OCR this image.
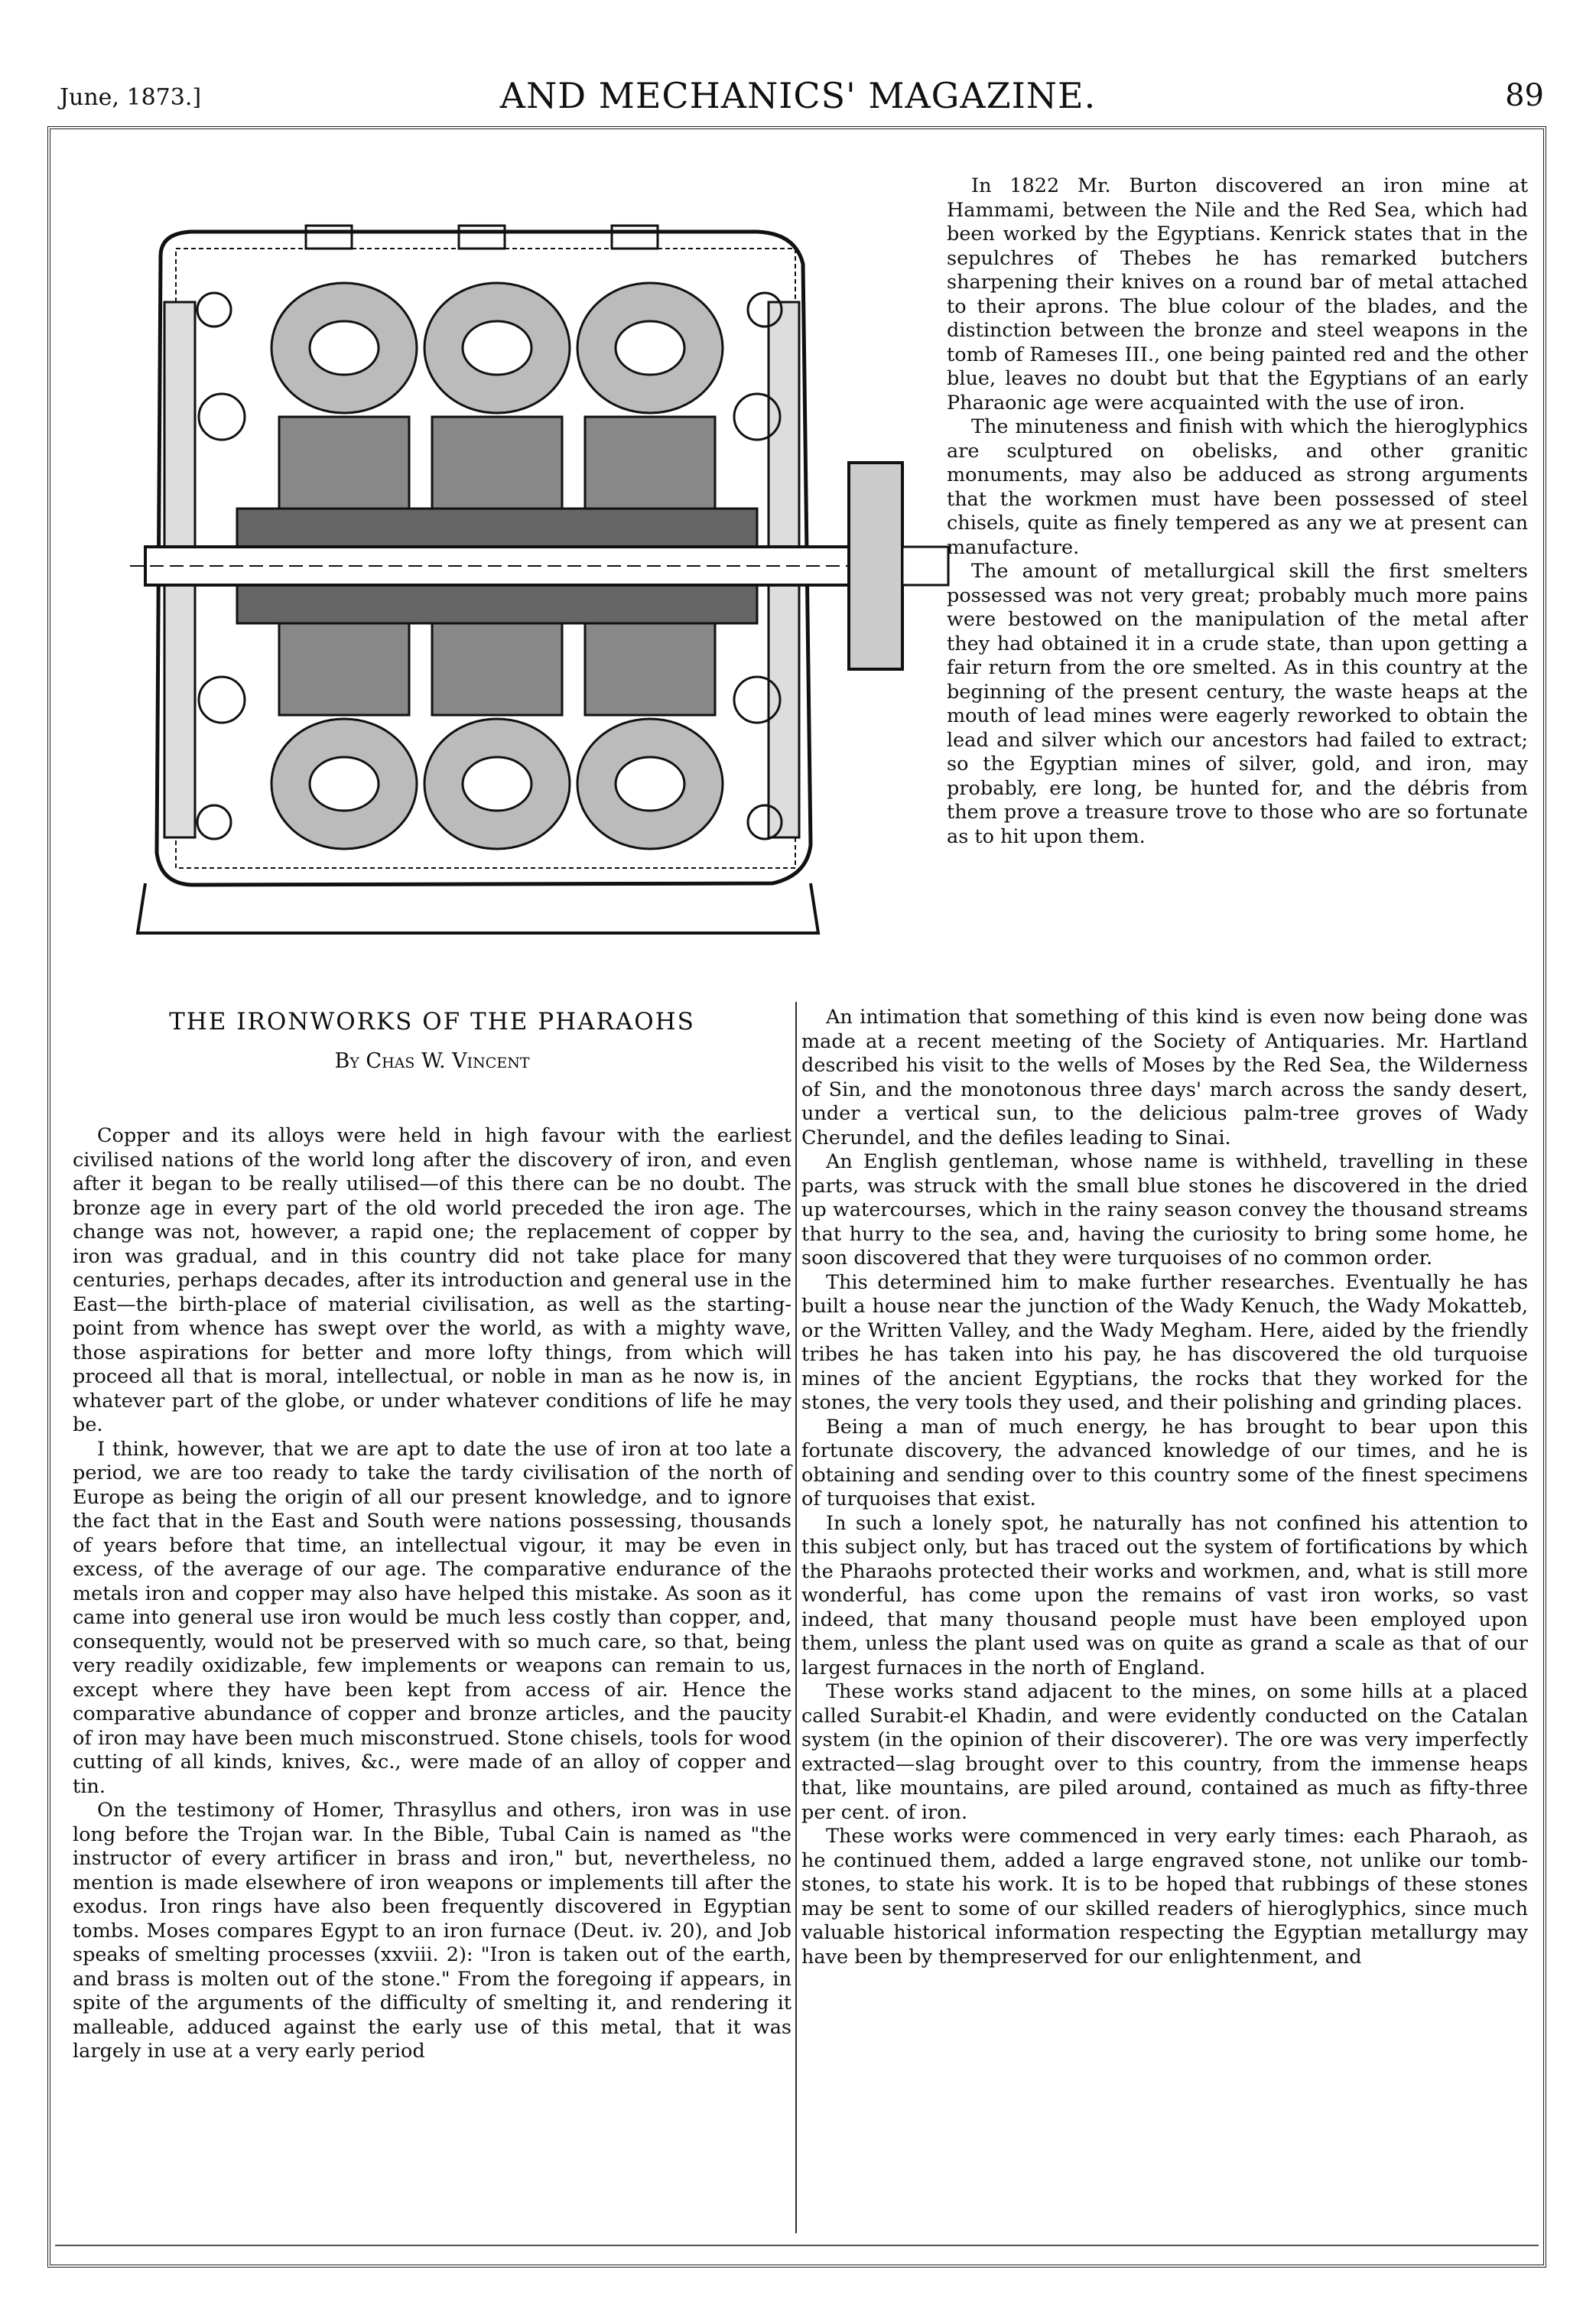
June, 1873.]	AND MECHANICS' MAGAZINE.	89

In 1822 Mr. Burton discovered an iron mine at Hammami, between the Nile and the Red Sea, which had been worked by the Egyptians. Kenrick states that in the sepulchres of Thebes he has remarked butchers sharpening their knives on a round bar of metal attached to their aprons. The blue colour of the blades, and the distinction between the bronze and steel weapons in the tomb of Rameses III., one being painted red and the other blue, leaves no doubt but that the Egyptians of an early Pharaonic age were acquainted with the use of iron.

The minuteness and finish with which the hieroglyphics are sculptured on obelisks, and other granitic monuments, may also be adduced as strong arguments that the workmen must have been possessed of steel chisels, quite as finely tempered as any we at present can manufacture.

The amount of metallurgical skill the first smelters possessed was not very great; probably much more pains were bestowed on the manipulation of the metal after they had obtained it in a crude state, than upon getting a fair return from the ore smelted. As in this country at the beginning of the present century, the waste heaps at the mouth of lead mines were eagerly reworked to obtain the lead and silver which our ancestors had failed to extract; so the Egyptian mines of silver, gold, and iron, may probably, ere long, be hunted for, and the débris from them prove a treasure trove to those who are so fortunate as to hit upon them.

THE IRONWORKS OF THE PHARAOHS
By Chas W. Vincent

Copper and its alloys were held in high favour with the earliest civilised nations of the world long after the discovery of iron, and even after it began to be really utilised—of this there can be no doubt. The bronze age in every part of the old world preceded the iron age. The change was not, however, a rapid one; the replacement of copper by iron was gradual, and in this country did not take place for many centuries, perhaps decades, after its introduction and general use in the East—the birth-place of material civilisation, as well as the starting-point from whence has swept over the world, as with a mighty wave, those aspirations for better and more lofty things, from which will proceed all that is moral, intellectual, or noble in man as he now is, in whatever part of the globe, or under whatever conditions of life he may be.

I think, however, that we are apt to date the use of iron at too late a period, we are too ready to take the tardy civilisation of the north of Europe as being the origin of all our present knowledge, and to ignore the fact that in the East and South were nations possessing, thousands of years before that time, an intellectual vigour, it may be even in excess, of the average of our age. The comparative endurance of the metals iron and copper may also have helped this mistake. As soon as it came into general use iron would be much less costly than copper, and, consequently, would not be preserved with so much care, so that, being very readily oxidizable, few implements or weapons can remain to us, except where they have been kept from access of air. Hence the comparative abundance of copper and bronze articles, and the paucity of iron may have been much misconstrued. Stone chisels, tools for wood cutting of all kinds, knives, &c., were made of an alloy of copper and tin.

On the testimony of Homer, Thrasyllus and others, iron was in use long before the Trojan war. In the Bible, Tubal Cain is named as "the instructor of every artificer in brass and iron," but, nevertheless, no mention is made elsewhere of iron weapons or implements till after the exodus. Iron rings have also been frequently discovered in Egyptian tombs. Moses compares Egypt to an iron furnace (Deut. iv. 20), and Job speaks of smelting processes (xxviii. 2): "Iron is taken out of the earth, and brass is molten out of the stone." From the foregoing if appears, in spite of the arguments of the difficulty of smelting it, and rendering it malleable, adduced against the early use of this metal, that it was largely in use at a very early period

An intimation that something of this kind is even now being done was made at a recent meeting of the Society of Antiquaries. Mr. Hartland described his visit to the wells of Moses by the Red Sea, the Wilderness of Sin, and the monotonous three days' march across the sandy desert, under a vertical sun, to the delicious palm-tree groves of Wady Cherundel, and the defiles leading to Sinai.

An English gentleman, whose name is withheld, travelling in these parts, was struck with the small blue stones he discovered in the dried up watercourses, which in the rainy season convey the thousand streams that hurry to the sea, and, having the curiosity to bring some home, he soon discovered that they were turquoises of no common order.

This determined him to make further researches. Eventually he has built a house near the junction of the Wady Kenuch, the Wady Mokatteb, or the Written Valley, and the Wady Megham. Here, aided by the friendly tribes he has taken into his pay, he has discovered the old turquoise mines of the ancient Egyptians, the rocks that they worked for the stones, the very tools they used, and their polishing and grinding places.

Being a man of much energy, he has brought to bear upon this fortunate discovery, the advanced knowledge of our times, and he is obtaining and sending over to this country some of the finest specimens of turquoises that exist.

In such a lonely spot, he naturally has not confined his attention to this subject only, but has traced out the system of fortifications by which the Pharaohs protected their works and workmen, and, what is still more wonderful, has come upon the remains of vast iron works, so vast indeed, that many thousand people must have been employed upon them, unless the plant used was on quite as grand a scale as that of our largest furnaces in the north of England.

These works stand adjacent to the mines, on some hills at a placed called Surabit-el Khadin, and were evidently conducted on the Catalan system (in the opinion of their discoverer). The ore was very imperfectly extracted—slag brought over to this country, from the immense heaps that, like mountains, are piled around, contained as much as fifty-three per cent. of iron.

These works were commenced in very early times: each Pharaoh, as he continued them, added a large engraved stone, not unlike our tomb-stones, to state his work. It is to be hoped that rubbings of these stones may be sent to some of our skilled readers of hieroglyphics, since much valuable historical information respecting the Egyptian metallurgy may have been by thempreserved for our enlightenment, and
